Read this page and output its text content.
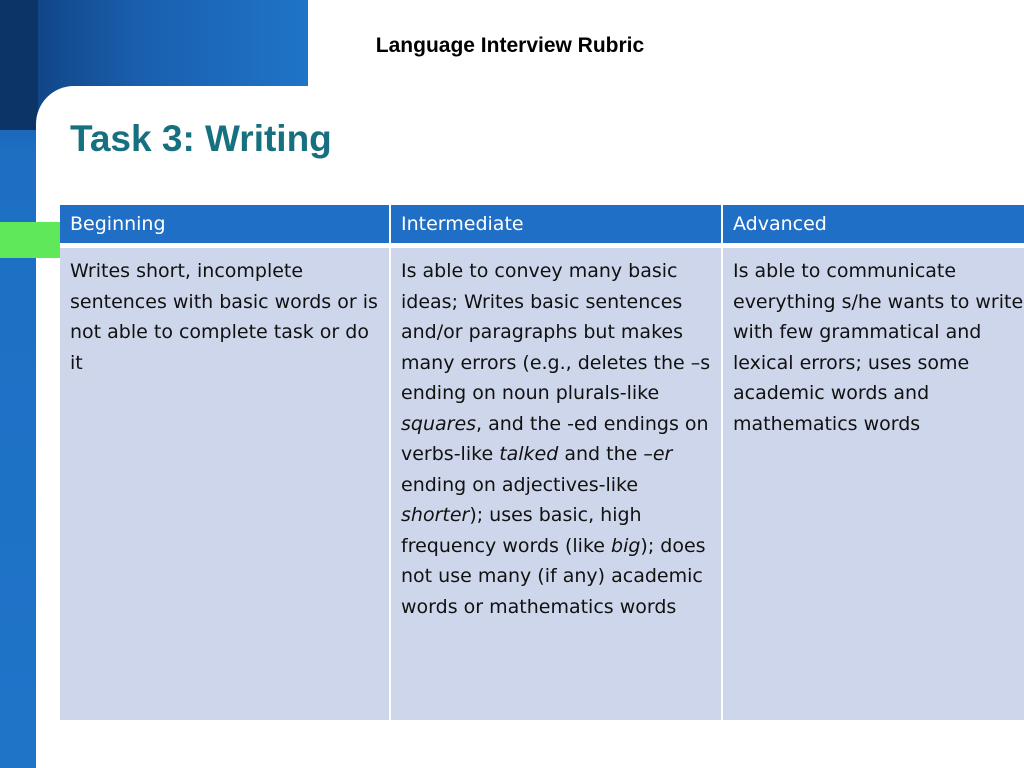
Language Interview Rubric
Task 3: Writing
Beginning	Intermediate	Advanced
Writes short, incomplete sentences with basic words or is not able to complete task or do it	Is able to convey many basic ideas; Writes basic sentences and/or paragraphs but makes many errors (e.g., deletes the –s ending on noun plurals-like squares, and the -ed endings on verbs-like talked and the –er ending on adjectives-like shorter); uses basic, high frequency words (like big); does not use many (if any) academic words or mathematics words	Is able to communicate everything s/he wants to write with few grammatical and lexical errors; uses some academic words and mathematics words
